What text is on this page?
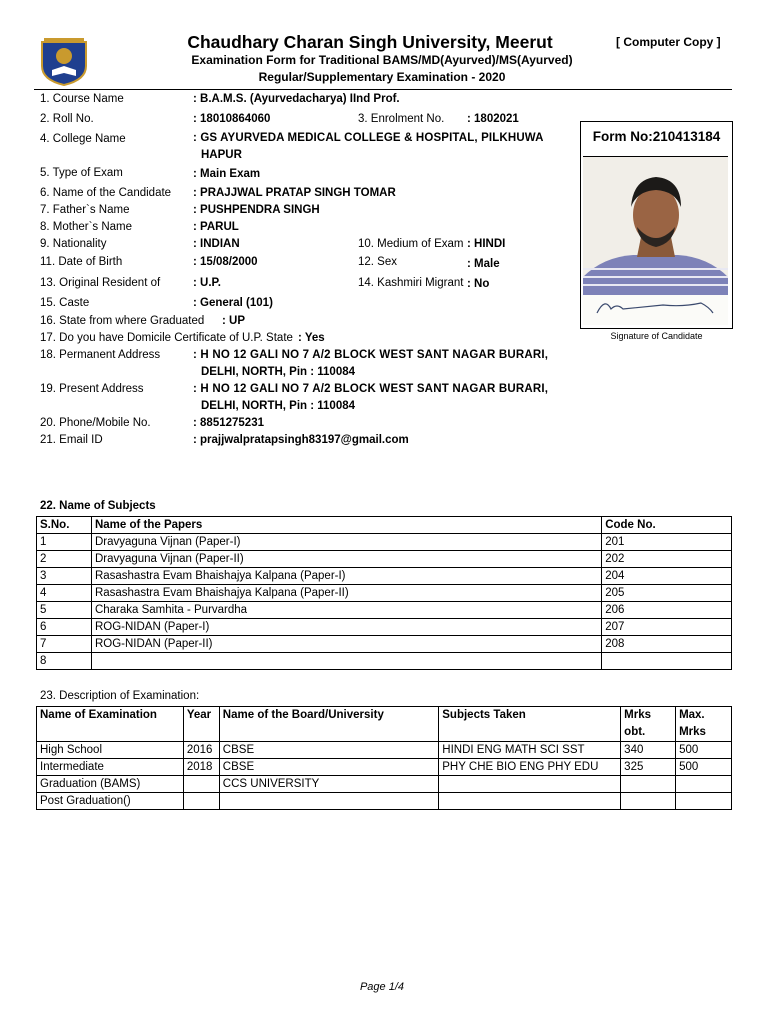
Chaudhary Charan Singh University, Meerut	[ Computer Copy ]
Examination Form for Traditional BAMS/MD(Ayurved)/MS(Ayurved)
Regular/Supplementary Examination - 2020
Form No:210413184
Signature of Candidate
1. Course Name	: B.A.M.S. (Ayurvedacharya) IInd Prof.
2. Roll No.	: 18010864060	3. Enrolment No. : 1802021
4. College Name	: GS AYURVEDA MEDICAL COLLEGE & HOSPITAL, PILKHUWA
HAPUR
5. Type of Exam	: Main Exam
6. Name of the Candidate : PRAJJWAL PRATAP SINGH TOMAR
7. Father`s Name	: PUSHPENDRA SINGH
8. Mother`s Name	: PARUL
9. Nationality	: INDIAN	10. Medium of Exam : HINDI
11. Date of Birth	: 15/08/2000	12. Sex	: Male
13. Original Resident of	: U.P.	14. Kashmiri Migrant : No
15. Caste	: General (101)
16. State from where Graduated : UP
17. Do you have Domicile Certificate of U.P. State : Yes
18. Permanent Address	: H NO 12 GALI NO 7 A/2 BLOCK WEST SANT NAGAR BURARI,
DELHI, NORTH, Pin : 110084
19. Present Address	: H NO 12 GALI NO 7 A/2 BLOCK WEST SANT NAGAR BURARI,
DELHI, NORTH, Pin : 110084
20. Phone/Mobile No.	: 8851275231
21. Email ID	: prajjwalpratapsingh83197@gmail.com
22. Name of Subjects
S.No.	Name of the Papers	Code No.
1	Dravyaguna Vijnan (Paper-I)	201
2	Dravyaguna Vijnan (Paper-II)	202
3	Rasashastra Evam Bhaishajya Kalpana (Paper-I)	204
4	Rasashastra Evam Bhaishajya Kalpana (Paper-II)	205
5	Charaka Samhita - Purvardha	206
6	ROG-NIDAN (Paper-I)	207
7	ROG-NIDAN (Paper-II)	208
8		
23. Description of Examination:
Name of Examination	Year	Name of the Board/University	Subjects Taken	Mrks obt.	Max. Mrks
High School	2016	CBSE	HINDI ENG MATH SCI SST	340	500
Intermediate	2018	CBSE	PHY CHE BIO ENG PHY EDU	325	500
Graduation (BAMS)		CCS UNIVERSITY			
Post Graduation()					
Page 1/4
